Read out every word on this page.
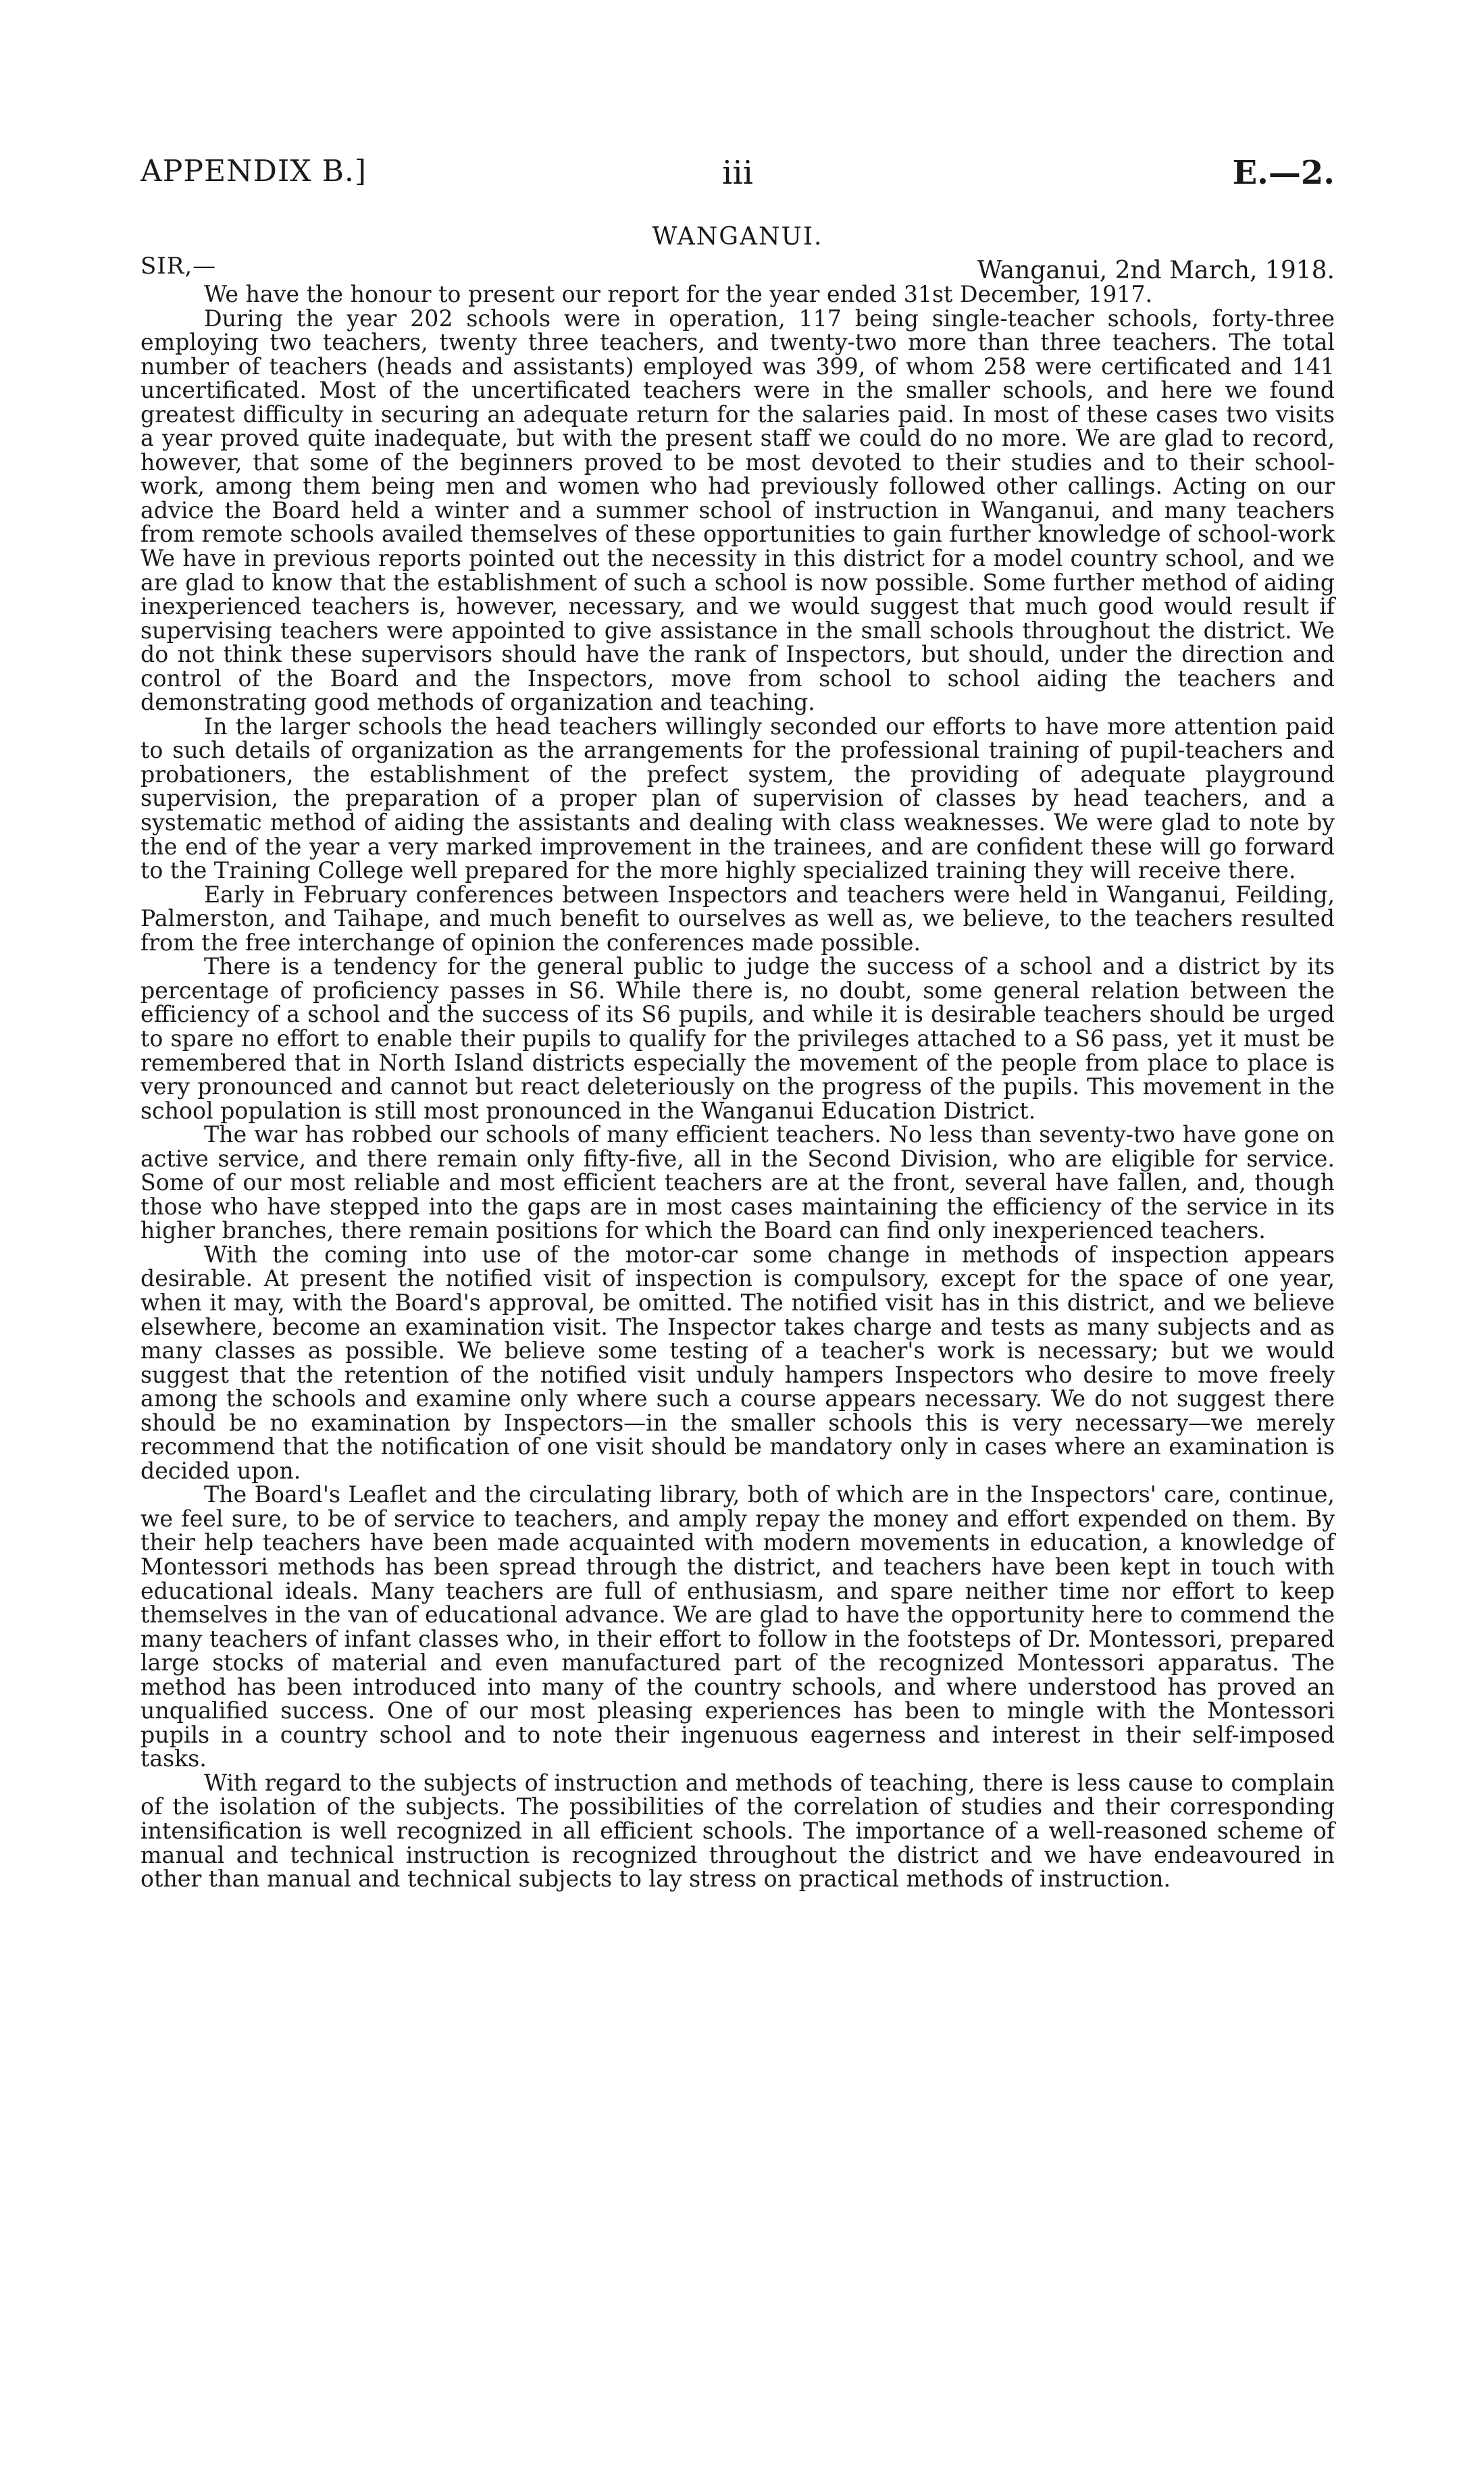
APPENDIX B.]	iii	E.—2.
WANGANUI.
SIR,—	Wanganui, 2nd March, 1918.

We have the honour to present our report for the year ended 31st December, 1917.

During the year 202 schools were in operation, 117 being single-teacher schools, forty-three employing two teachers, twenty three teachers, and twenty-two more than three teachers. The total number of teachers (heads and assistants) employed was 399, of whom 258 were certificated and 141 uncertificated. Most of the uncertificated teachers were in the smaller schools, and here we found greatest difficulty in securing an adequate return for the salaries paid. In most of these cases two visits a year proved quite inadequate, but with the present staff we could do no more. We are glad to record, however, that some of the beginners proved to be most devoted to their studies and to their school-work, among them being men and women who had previously followed other callings. Acting on our advice the Board held a winter and a summer school of instruction in Wanganui, and many teachers from remote schools availed themselves of these opportunities to gain further knowledge of school-work We have in previous reports pointed out the necessity in this district for a model country school, and we are glad to know that the establishment of such a school is now possible. Some further method of aiding inexperienced teachers is, however, necessary, and we would suggest that much good would result if supervising teachers were appointed to give assistance in the small schools throughout the district. We do not think these supervisors should have the rank of Inspectors, but should, under the direction and control of the Board and the Inspectors, move from school to school aiding the teachers and demonstrating good methods of organization and teaching.

In the larger schools the head teachers willingly seconded our efforts to have more attention paid to such details of organization as the arrangements for the professional training of pupil-teachers and probationers, the establishment of the prefect system, the providing of adequate playground supervision, the preparation of a proper plan of supervision of classes by head teachers, and a systematic method of aiding the assistants and dealing with class weaknesses. We were glad to note by the end of the year a very marked improvement in the trainees, and are confident these will go forward to the Training College well prepared for the more highly specialized training they will receive there.

Early in February conferences between Inspectors and teachers were held in Wanganui, Feilding, Palmerston, and Taihape, and much benefit to ourselves as well as, we believe, to the teachers resulted from the free interchange of opinion the conferences made possible.

There is a tendency for the general public to judge the success of a school and a district by its percentage of proficiency passes in S6. While there is, no doubt, some general relation between the efficiency of a school and the success of its S6 pupils, and while it is desirable teachers should be urged to spare no effort to enable their pupils to qualify for the privileges attached to a S6 pass, yet it must be remembered that in North Island districts especially the movement of the people from place to place is very pronounced and cannot but react deleteriously on the progress of the pupils. This movement in the school population is still most pronounced in the Wanganui Education District.

The war has robbed our schools of many efficient teachers. No less than seventy-two have gone on active service, and there remain only fifty-five, all in the Second Division, who are eligible for service. Some of our most reliable and most efficient teachers are at the front, several have fallen, and, though those who have stepped into the gaps are in most cases maintaining the efficiency of the service in its higher branches, there remain positions for which the Board can find only inexperienced teachers.

With the coming into use of the motor-car some change in methods of inspection appears desirable. At present the notified visit of inspection is compulsory, except for the space of one year, when it may, with the Board's approval, be omitted. The notified visit has in this district, and we believe elsewhere, become an examination visit. The Inspector takes charge and tests as many subjects and as many classes as possible. We believe some testing of a teacher's work is necessary; but we would suggest that the retention of the notified visit unduly hampers Inspectors who desire to move freely among the schools and examine only where such a course appears necessary. We do not suggest there should be no examination by Inspectors—in the smaller schools this is very necessary—we merely recommend that the notification of one visit should be mandatory only in cases where an examination is decided upon.

The Board's Leaflet and the circulating library, both of which are in the Inspectors' care, continue, we feel sure, to be of service to teachers, and amply repay the money and effort expended on them. By their help teachers have been made acquainted with modern movements in education, a knowledge of Montessori methods has been spread through the district, and teachers have been kept in touch with educational ideals. Many teachers are full of enthusiasm, and spare neither time nor effort to keep themselves in the van of educational advance. We are glad to have the opportunity here to commend the many teachers of infant classes who, in their effort to follow in the footsteps of Dr. Montessori, prepared large stocks of material and even manufactured part of the recognized Montessori apparatus. The method has been introduced into many of the country schools, and where understood has proved an unqualified success. One of our most pleasing experiences has been to mingle with the Montessori pupils in a country school and to note their ingenuous eagerness and interest in their self-imposed tasks.

With regard to the subjects of instruction and methods of teaching, there is less cause to complain of the isolation of the subjects. The possibilities of the correlation of studies and their corresponding intensification is well recognized in all efficient schools. The importance of a well-reasoned scheme of manual and technical instruction is recognized throughout the district and we have endeavoured in other than manual and technical subjects to lay stress on practical methods of instruction.
